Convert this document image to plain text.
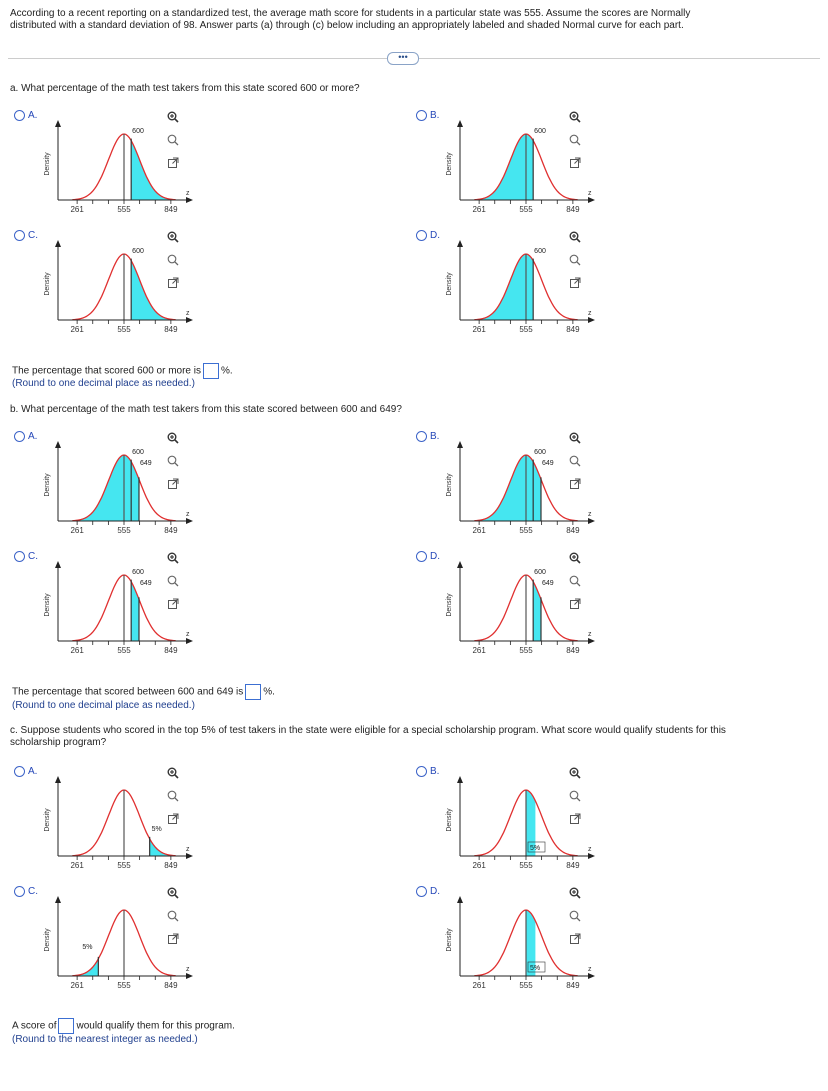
According to a recent reporting on a standardized test, the average math score for students in a particular state was 555. Assume the scores are Normally
distributed with a standard deviation of 98. Answer parts (a) through (c) below including an appropriately labeled and shaded Normal curve for each part.
•••
a. What percentage of the math test takers from this state scored 600 or more?
A.
261	555	849
z
Density
600
B.
261	555	849
z
Density
600
C.
261	555	849
z
Density
600
D.
261	555	849
z
Density
600
The percentage that scored 600 or more is %.
(Round to one decimal place as needed.)
b. What percentage of the math test takers from this state scored between 600 and 649?
A.
261	555	849
z
Density
600
649
B.
261	555	849
z
Density
600
649
C.
261	555	849
z
Density
600
649
D.
261	555	849
z
Density
600
649
The percentage that scored between 600 and 649 is %.
(Round to one decimal place as needed.)
c. Suppose students who scored in the top 5% of test takers in the state were eligible for a special scholarship program. What score would qualify students for this
scholarship program?
A.
261	555	849
z
Density	5%
B.
261	555	849
z
Density
5%
C.
261	555	849
z
Density	5%
D.
261	555	849
z
Density
5%
A score of would qualify them for this program.
(Round to the nearest integer as needed.)
